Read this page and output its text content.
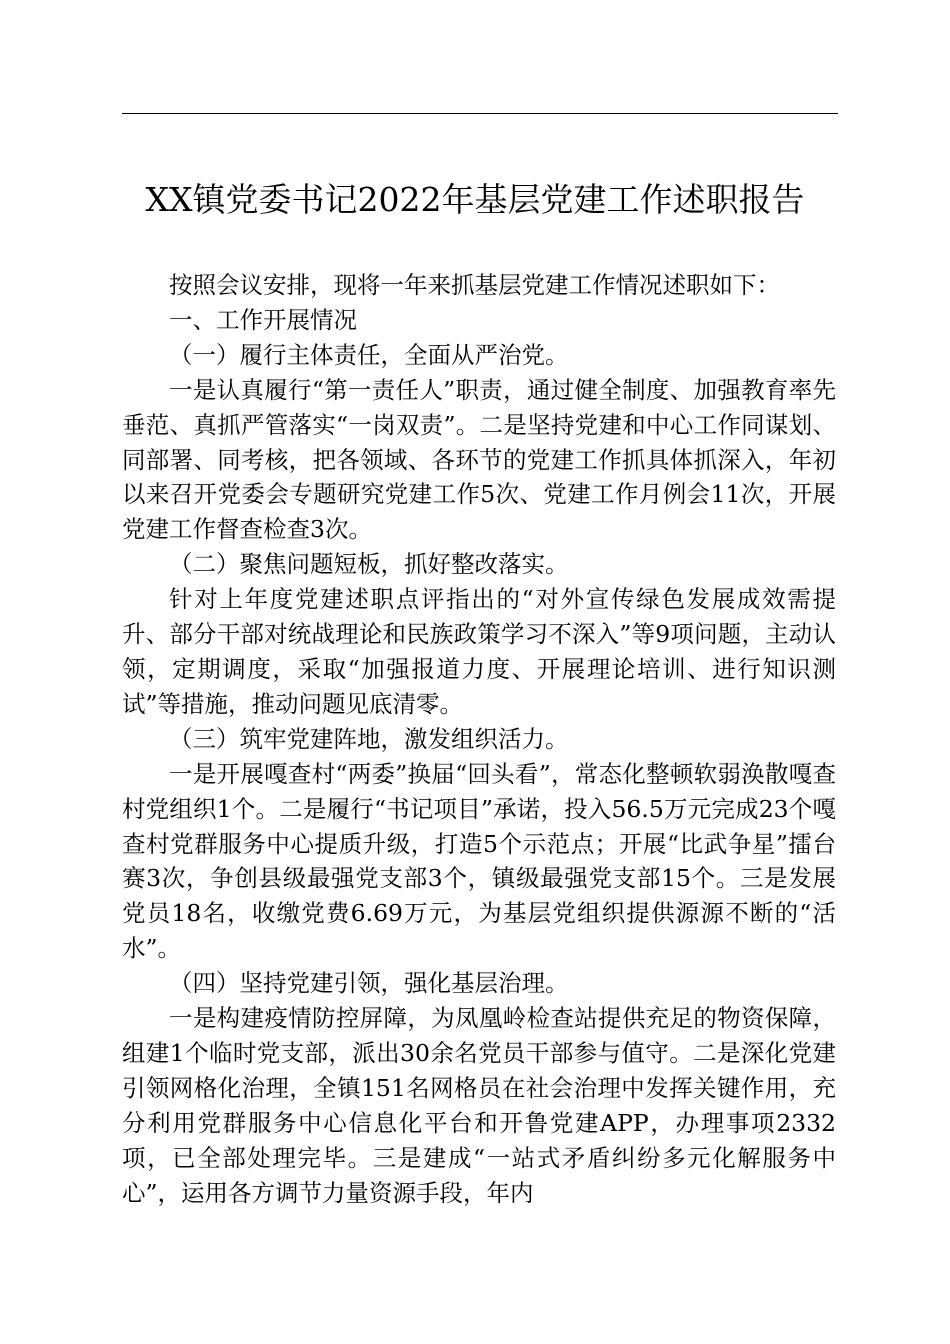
XX镇党委书记2022年基层党建工作述职报告

按照会议安排，现将一年来抓基层党建工作情况述职如下：

一、工作开展情况

（一）履行主体责任，全面从严治党。

一是认真履行“第一责任人”职责，通过健全制度、加强教育率先垂范、真抓严管落实“一岗双责”。二是坚持党建和中心工作同谋划、同部署、同考核，把各领域、各环节的党建工作抓具体抓深入，年初以来召开党委会专题研究党建工作5次、党建工作月例会11次，开展党建工作督查检查3次。

（二）聚焦问题短板，抓好整改落实。

针对上年度党建述职点评指出的“对外宣传绿色发展成效需提升、部分干部对统战理论和民族政策学习不深入”等9项问题，主动认领，定期调度，采取“加强报道力度、开展理论培训、进行知识测试”等措施，推动问题见底清零。

（三）筑牢党建阵地，激发组织活力。

一是开展嘎查村“两委”换届“回头看”，常态化整顿软弱涣散嘎查村党组织1个。二是履行“书记项目”承诺，投入56.5万元完成23个嘎查村党群服务中心提质升级，打造5个示范点；开展“比武争星”擂台赛3次，争创县级最强党支部3个，镇级最强党支部15个。三是发展党员18名，收缴党费6.69万元，为基层党组织提供源源不断的“活水”。

（四）坚持党建引领，强化基层治理。

一是构建疫情防控屏障，为凤凰岭检查站提供充足的物资保障，组建1个临时党支部，派出30余名党员干部参与值守。二是深化党建引领网格化治理，全镇151名网格员在社会治理中发挥关键作用，充分利用党群服务中心信息化平台和开鲁党建APP，办理事项2332项，已全部处理完毕。三是建成“一站式矛盾纠纷多元化解服务中心”，运用各方调节力量资源手段，年内
